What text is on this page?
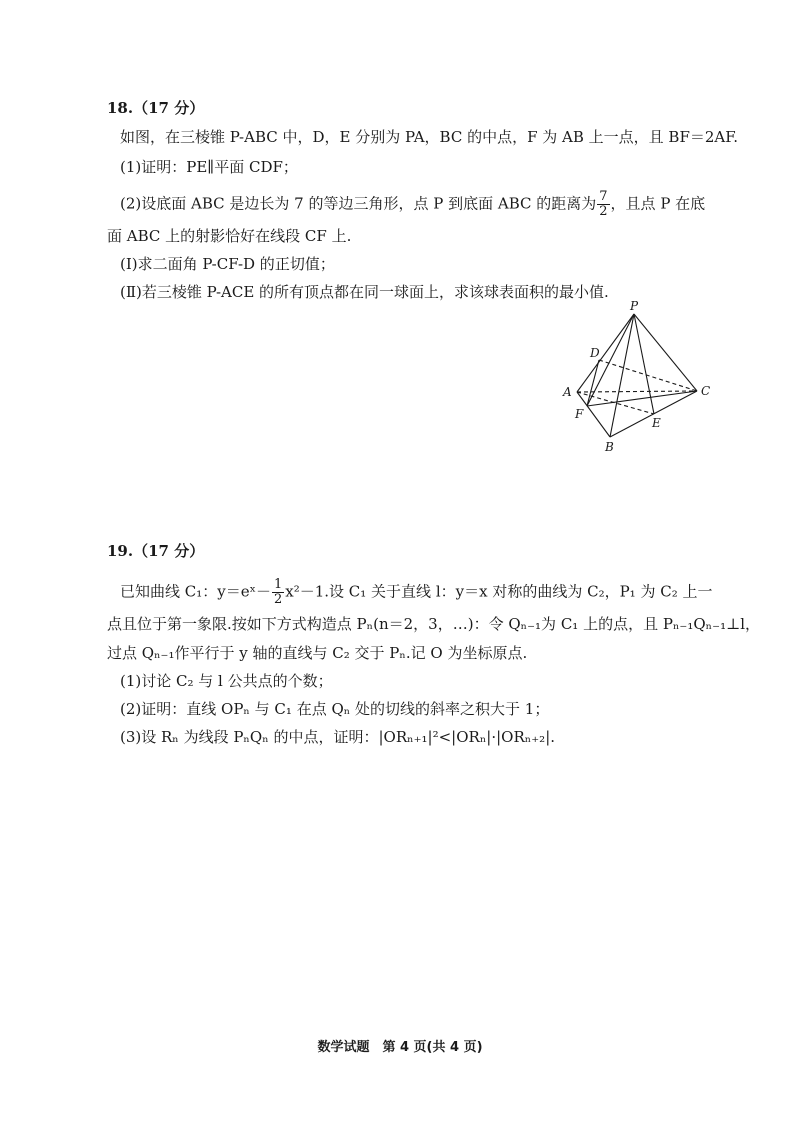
18.（17 分）
如图，在三棱锥 P-ABC 中，D，E 分别为 PA，BC 的中点，F 为 AB 上一点，且 BF＝2AF.
(1)证明：PE∥平面 CDF；
(2)设底面 ABC 是边长为 7 的等边三角形，点 P 到底面 ABC 的距离为 $\frac{7}{2}$ ，且点 P 在底
面 ABC 上的射影恰好在线段 CF 上.
(Ⅰ)求二面角 P-CF-D 的正切值；
(Ⅱ)若三棱锥 P-ACE 的所有顶点都在同一球面上，求该球表面积的最小值.
P
D
A	C
F
E
B
19.（17 分）
已知曲线 C₁：y＝eˣ－ $\frac{1}{2} x^2-1$.设 C₁ 关于直线 l：y＝x 对称的曲线为 C₂，P₁ 为 C₂ 上一
点且位于第一象限.按如下方式构造点 Pₙ(n＝2，3，…)：令 Qₙ₋₁为 C₁ 上的点，且 Pₙ₋₁Qₙ₋₁⊥l，
过点 Qₙ₋₁作平行于 y 轴的直线与 C₂ 交于 Pₙ.记 O 为坐标原点.
(1)讨论 C₂ 与 l 公共点的个数；
(2)证明：直线 OPₙ 与 C₁ 在点 Qₙ 处的切线的斜率之积大于 1；
(3)设 Rₙ 为线段 PₙQₙ 的中点，证明：|ORₙ₊₁|²<|ORₙ|·|ORₙ₊₂|.
数学试题　第 4 页(共 4 页)
